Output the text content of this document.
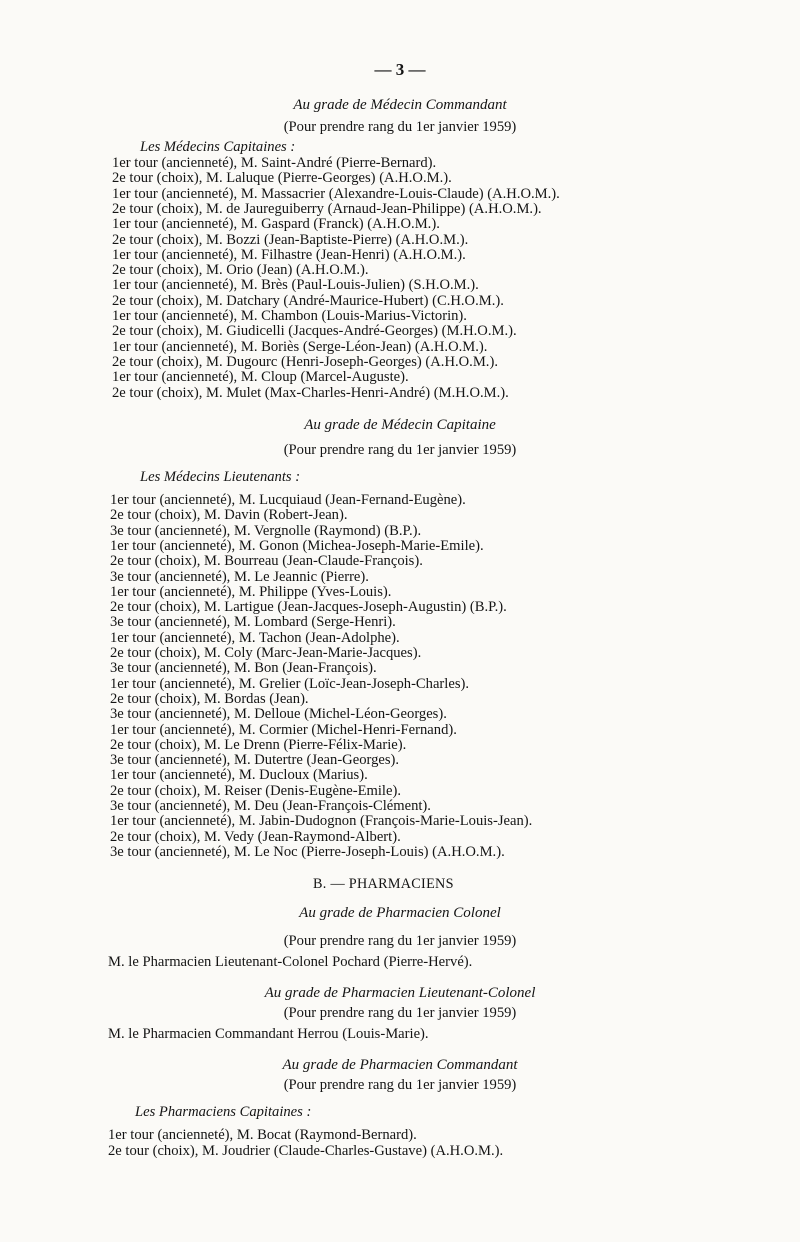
— 3 —
Au grade de Médecin Commandant
(Pour prendre rang du 1er janvier 1959)
Les Médecins Capitaines :
1er tour (ancienneté), M. Saint-André (Pierre-Bernard).
2e tour (choix), M. Laluque (Pierre-Georges) (A.H.O.M.).
1er tour (ancienneté), M. Massacrier (Alexandre-Louis-Claude) (A.H.O.M.).
2e tour (choix), M. de Jaureguiberry (Arnaud-Jean-Philippe) (A.H.O.M.).
1er tour (ancienneté), M. Gaspard (Franck) (A.H.O.M.).
2e tour (choix), M. Bozzi (Jean-Baptiste-Pierre) (A.H.O.M.).
1er tour (ancienneté), M. Filhastre (Jean-Henri) (A.H.O.M.).
2e tour (choix), M. Orio (Jean) (A.H.O.M.).
1er tour (ancienneté), M. Brès (Paul-Louis-Julien) (S.H.O.M.).
2e tour (choix), M. Datchary (André-Maurice-Hubert) (C.H.O.M.).
1er tour (ancienneté), M. Chambon (Louis-Marius-Victorin).
2e tour (choix), M. Giudicelli (Jacques-André-Georges) (M.H.O.M.).
1er tour (ancienneté), M. Boriès (Serge-Léon-Jean) (A.H.O.M.).
2e tour (choix), M. Dugourc (Henri-Joseph-Georges) (A.H.O.M.).
1er tour (ancienneté), M. Cloup (Marcel-Auguste).
2e tour (choix), M. Mulet (Max-Charles-Henri-André) (M.H.O.M.).
Au grade de Médecin Capitaine
(Pour prendre rang du 1er janvier 1959)
Les Médecins Lieutenants :
1er tour (ancienneté), M. Lucquiaud (Jean-Fernand-Eugène).
2e tour (choix), M. Davin (Robert-Jean).
3e tour (ancienneté), M. Vergnolle (Raymond) (B.P.).
1er tour (ancienneté), M. Gonon (Michea-Joseph-Marie-Emile).
2e tour (choix), M. Bourreau (Jean-Claude-François).
3e tour (ancienneté), M. Le Jeannic (Pierre).
1er tour (ancienneté), M. Philippe (Yves-Louis).
2e tour (choix), M. Lartigue (Jean-Jacques-Joseph-Augustin) (B.P.).
3e tour (ancienneté), M. Lombard (Serge-Henri).
1er tour (ancienneté), M. Tachon (Jean-Adolphe).
2e tour (choix), M. Coly (Marc-Jean-Marie-Jacques).
3e tour (ancienneté), M. Bon (Jean-François).
1er tour (ancienneté), M. Grelier (Loïc-Jean-Joseph-Charles).
2e tour (choix), M. Bordas (Jean).
3e tour (ancienneté), M. Delloue (Michel-Léon-Georges).
1er tour (ancienneté), M. Cormier (Michel-Henri-Fernand).
2e tour (choix), M. Le Drenn (Pierre-Félix-Marie).
3e tour (ancienneté), M. Dutertre (Jean-Georges).
1er tour (ancienneté), M. Ducloux (Marius).
2e tour (choix), M. Reiser (Denis-Eugène-Emile).
3e tour (ancienneté), M. Deu (Jean-François-Clément).
1er tour (ancienneté), M. Jabin-Dudognon (François-Marie-Louis-Jean).
2e tour (choix), M. Vedy (Jean-Raymond-Albert).
3e tour (ancienneté), M. Le Noc (Pierre-Joseph-Louis) (A.H.O.M.).
B. — PHARMACIENS
Au grade de Pharmacien Colonel
(Pour prendre rang du 1er janvier 1959)
M. le Pharmacien Lieutenant-Colonel Pochard (Pierre-Hervé).
Au grade de Pharmacien Lieutenant-Colonel
(Pour prendre rang du 1er janvier 1959)
M. le Pharmacien Commandant Herrou (Louis-Marie).
Au grade de Pharmacien Commandant
(Pour prendre rang du 1er janvier 1959)
Les Pharmaciens Capitaines :
1er tour (ancienneté), M. Bocat (Raymond-Bernard).
2e tour (choix), M. Joudrier (Claude-Charles-Gustave) (A.H.O.M.).
